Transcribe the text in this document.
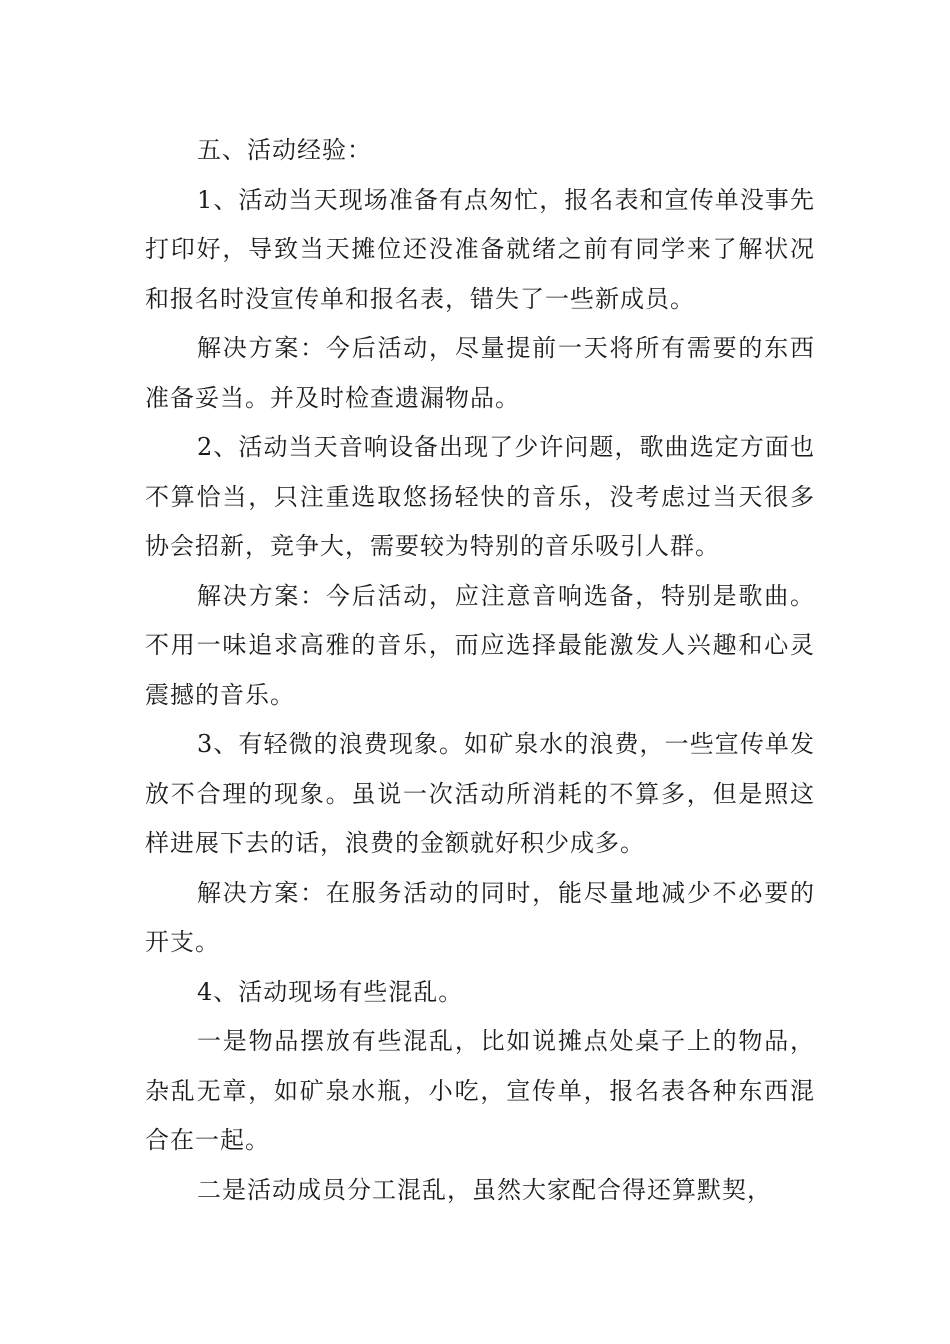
五、活动经验：

1、活动当天现场准备有点匆忙，报名表和宣传单没事先打印好，导致当天摊位还没准备就绪之前有同学来了解状况和报名时没宣传单和报名表，错失了一些新成员。

解决方案：今后活动，尽量提前一天将所有需要的东西准备妥当。并及时检查遗漏物品。

2、活动当天音响设备出现了少许问题，歌曲选定方面也不算恰当，只注重选取悠扬轻快的音乐，没考虑过当天很多协会招新，竞争大，需要较为特别的音乐吸引人群。

解决方案：今后活动，应注意音响选备，特别是歌曲。不用一味追求高雅的音乐，而应选择最能激发人兴趣和心灵震撼的音乐。

3、有轻微的浪费现象。如矿泉水的浪费，一些宣传单发放不合理的现象。虽说一次活动所消耗的不算多，但是照这样进展下去的话，浪费的金额就好积少成多。

解决方案：在服务活动的同时，能尽量地减少不必要的开支。

4、活动现场有些混乱。

一是物品摆放有些混乱，比如说摊点处桌子上的物品，杂乱无章，如矿泉水瓶，小吃，宣传单，报名表各种东西混合在一起。

二是活动成员分工混乱，虽然大家配合得还算默契，
